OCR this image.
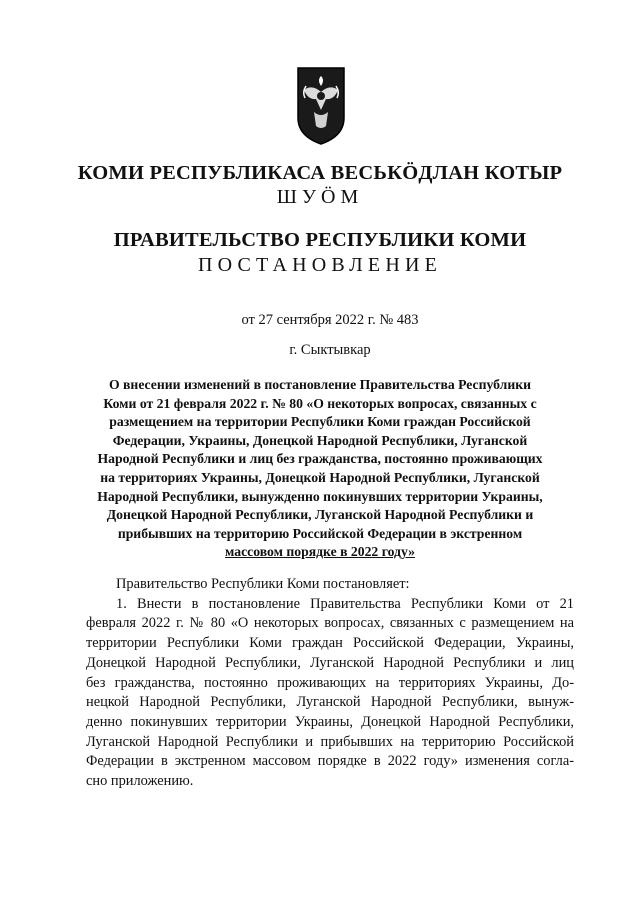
КОМИ РЕСПУБЛИКАСА ВЕСЬКÖДЛАН КОТЫР
ШУÖМ
ПРАВИТЕЛЬСТВО РЕСПУБЛИКИ КОМИ
ПОСТАНОВЛЕНИЕ
от 27 сентября 2022 г. № 483
г. Сыктывкар
О внесении изменений в постановление Правительства Республики
Коми от 21 февраля 2022 г. № 80 «О некоторых вопросах, связанных с
размещением на территории Республики Коми граждан Российской
Федерации, Украины, Донецкой Народной Республики, Луганской
Народной Республики и лиц без гражданства, постоянно проживающих
на территориях Украины, Донецкой Народной Республики, Луганской
Народной Республики, вынужденно покинувших территории Украины,
Донецкой Народной Республики, Луганской Народной Республики и
прибывших на территорию Российской Федерации в экстренном
массовом порядке в 2022 году»
Правительство Республики Коми постановляет:
1. Внести в постановление Правительства Республики Коми от 21
февраля 2022 г. № 80 «О некоторых вопросах, связанных с размещением на
территории Республики Коми граждан Российской Федерации, Украины,
Донецкой Народной Республики, Луганской Народной Республики и лиц
без гражданства, постоянно проживающих на территориях Украины, До-
нецкой Народной Республики, Луганской Народной Республики, вынуж-
денно покинувших территории Украины, Донецкой Народной Республики,
Луганской Народной Республики и прибывших на территорию Российской
Федерации в экстренном массовом порядке в 2022 году» изменения согла-
сно приложению.
